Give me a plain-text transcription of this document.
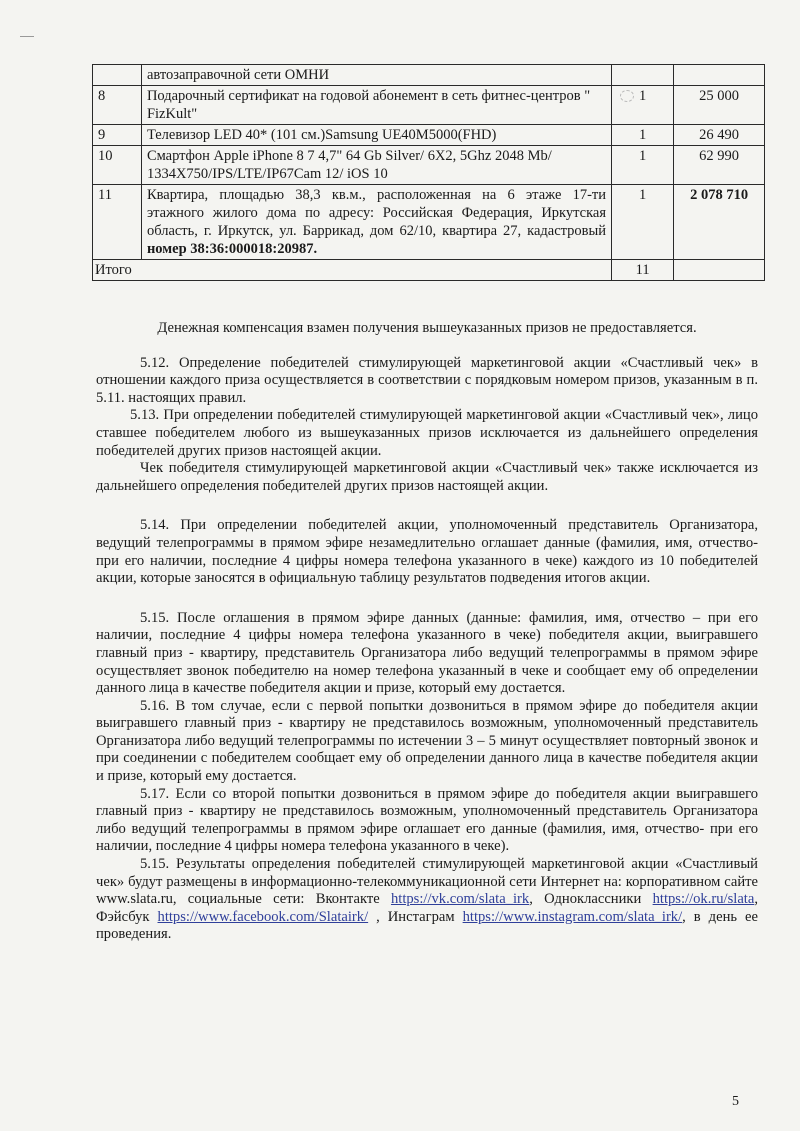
	автозаправочной сети ОМНИ		
8	Подарочный сертификат на годовой абонемент в сеть фитнес-центров " FizKult"	1	25 000
9	Телевизор LED 40* (101 см.)Samsung UE40M5000(FHD)	1	26 490
10	Смартфон Apple iPhone 8 7 4,7" 64 Gb Silver/ 6X2, 5Ghz 2048 Mb/ 1334X750/IPS/LTE/IP67Cam 12/ iOS 10	1	62 990
11	Квартира, площадью 38,3 кв.м., расположенная на 6 этаже 17-ти этажного жилого дома по адресу: Российская Федерация, Иркутская область, г. Иркутск, ул. Баррикад, дом 62/10, квартира 27, кадастровый номер 38:36:000018:20987.	1	2 078 710
Итого		11	

Денежная компенсация взамен получения вышеуказанных призов не предоставляется.

5.12. Определение победителей стимулирующей маркетинговой акции «Счастливый чек» в отношении каждого приза осуществляется в соответствии с порядковым номером призов, указанным в п. 5.11. настоящих правил.

5.13. При определении победителей стимулирующей маркетинговой акции «Счастливый чек», лицо ставшее победителем любого из вышеуказанных призов исключается из дальнейшего определения победителей других призов настоящей акции.

Чек победителя стимулирующей маркетинговой акции «Счастливый чек» также исключается из дальнейшего определения победителей других призов настоящей акции.

5.14. При определении победителей акции, уполномоченный представитель Организатора, ведущий телепрограммы в прямом эфире незамедлительно оглашает данные (фамилия, имя, отчество- при его наличии, последние 4 цифры номера телефона указанного в чеке) каждого из 10 победителей акции, которые заносятся в официальную таблицу результатов подведения итогов акции.

5.15. После оглашения в прямом эфире данных (данные: фамилия, имя, отчество – при его наличии, последние 4 цифры номера телефона указанного в чеке) победителя акции, выигравшего главный приз - квартиру, представитель Организатора либо ведущий телепрограммы в прямом эфире осуществляет звонок победителю на номер телефона указанный в чеке и сообщает ему об определении данного лица в качестве победителя акции и призе, который ему достается.

5.16. В том случае, если с первой попытки дозвониться в прямом эфире до победителя акции выигравшего главный приз - квартиру не представилось возможным, уполномоченный представитель Организатора либо ведущий телепрограммы по истечении 3 – 5 минут осуществляет повторный звонок и при соединении с победителем сообщает ему об определении данного лица в качестве победителя акции и призе, который ему достается.

5.17. Если со второй попытки дозвониться в прямом эфире до победителя акции выигравшего главный приз - квартиру не представилось возможным, уполномоченный представитель Организатора либо ведущий телепрограммы в прямом эфире оглашает его данные (фамилия, имя, отчество- при его наличии, последние 4 цифры номера телефона указанного в чеке).

5.15. Результаты определения победителей стимулирующей маркетинговой акции «Счастливый чек» будут размещены в информационно-телекоммуникационной сети Интернет на: корпоративном сайте www.slata.ru, социальные сети: Вконтакте https://vk.com/slata_irk, Одноклассники https://ok.ru/slata, Фэйсбук https://www.facebook.com/Slatairk/ , Инстаграм https://www.instagram.com/slata_irk/, в день ее проведения.

5
